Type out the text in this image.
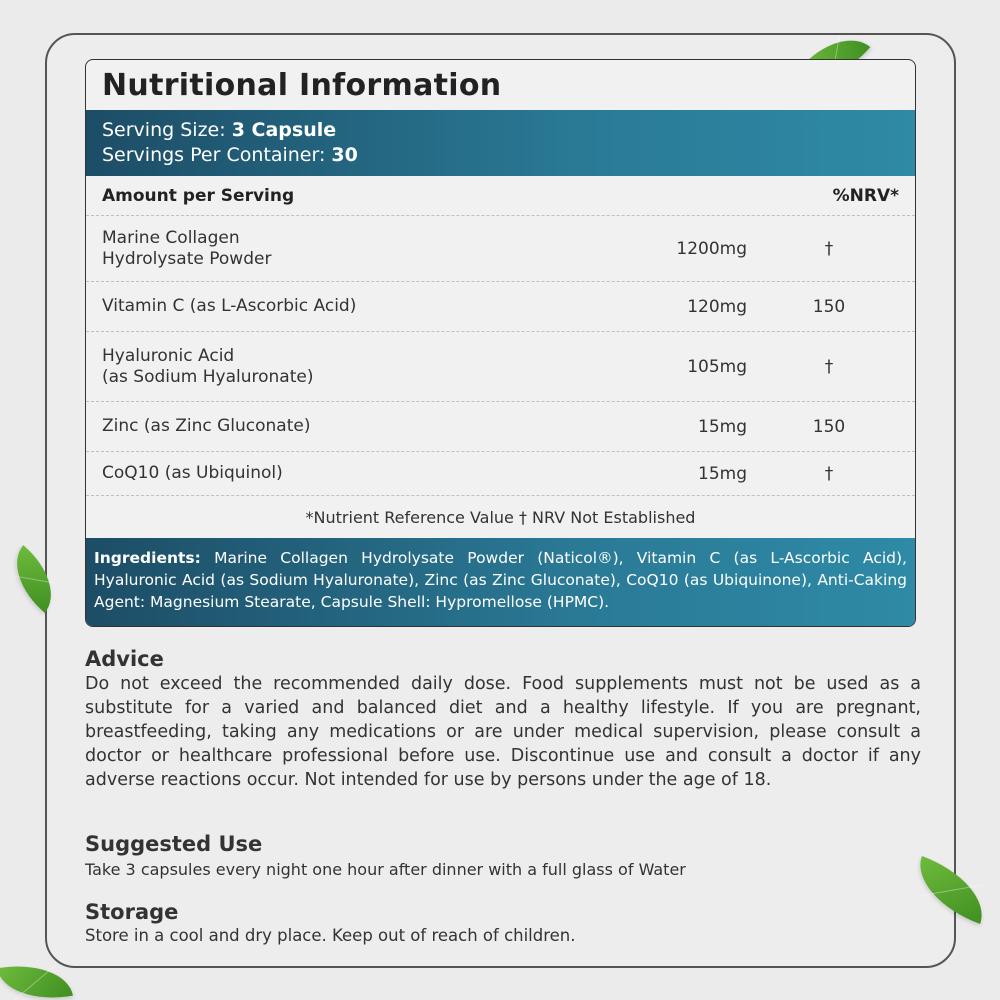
Nutritional Information
Serving Size: 3 Capsule
Servings Per Container: 30
Amount per Serving	%NRV*
Marine Collagen
Hydrolysate Powder	1200mg	†
Vitamin C (as L-Ascorbic Acid)	120mg	150
Hyaluronic Acid
(as Sodium Hyaluronate)	105mg	†
Zinc (as Zinc Gluconate)	15mg	150
CoQ10 (as Ubiquinol)	15mg	†
*Nutrient Reference Value † NRV Not Established
Ingredients: Marine Collagen Hydrolysate Powder (Naticol®), Vitamin C (as L-Ascorbic Acid), Hyaluronic Acid (as Sodium Hyaluronate), Zinc (as Zinc Gluconate), CoQ10 (as Ubiquinone), Anti-Caking Agent: Magnesium Stearate, Capsule Shell: Hypromellose (HPMC).
Advice

Do not exceed the recommended daily dose. Food supplements must not be used as a substitute for a varied and balanced diet and a healthy lifestyle. If you are pregnant, breastfeeding, taking any medications or are under medical supervision, please consult a doctor or healthcare professional before use. Discontinue use and consult a doctor if any adverse reactions occur. Not intended for use by persons under the age of 18.

Suggested Use

Take 3 capsules every night one hour after dinner with a full glass of Water

Storage

Store in a cool and dry place. Keep out of reach of children.
